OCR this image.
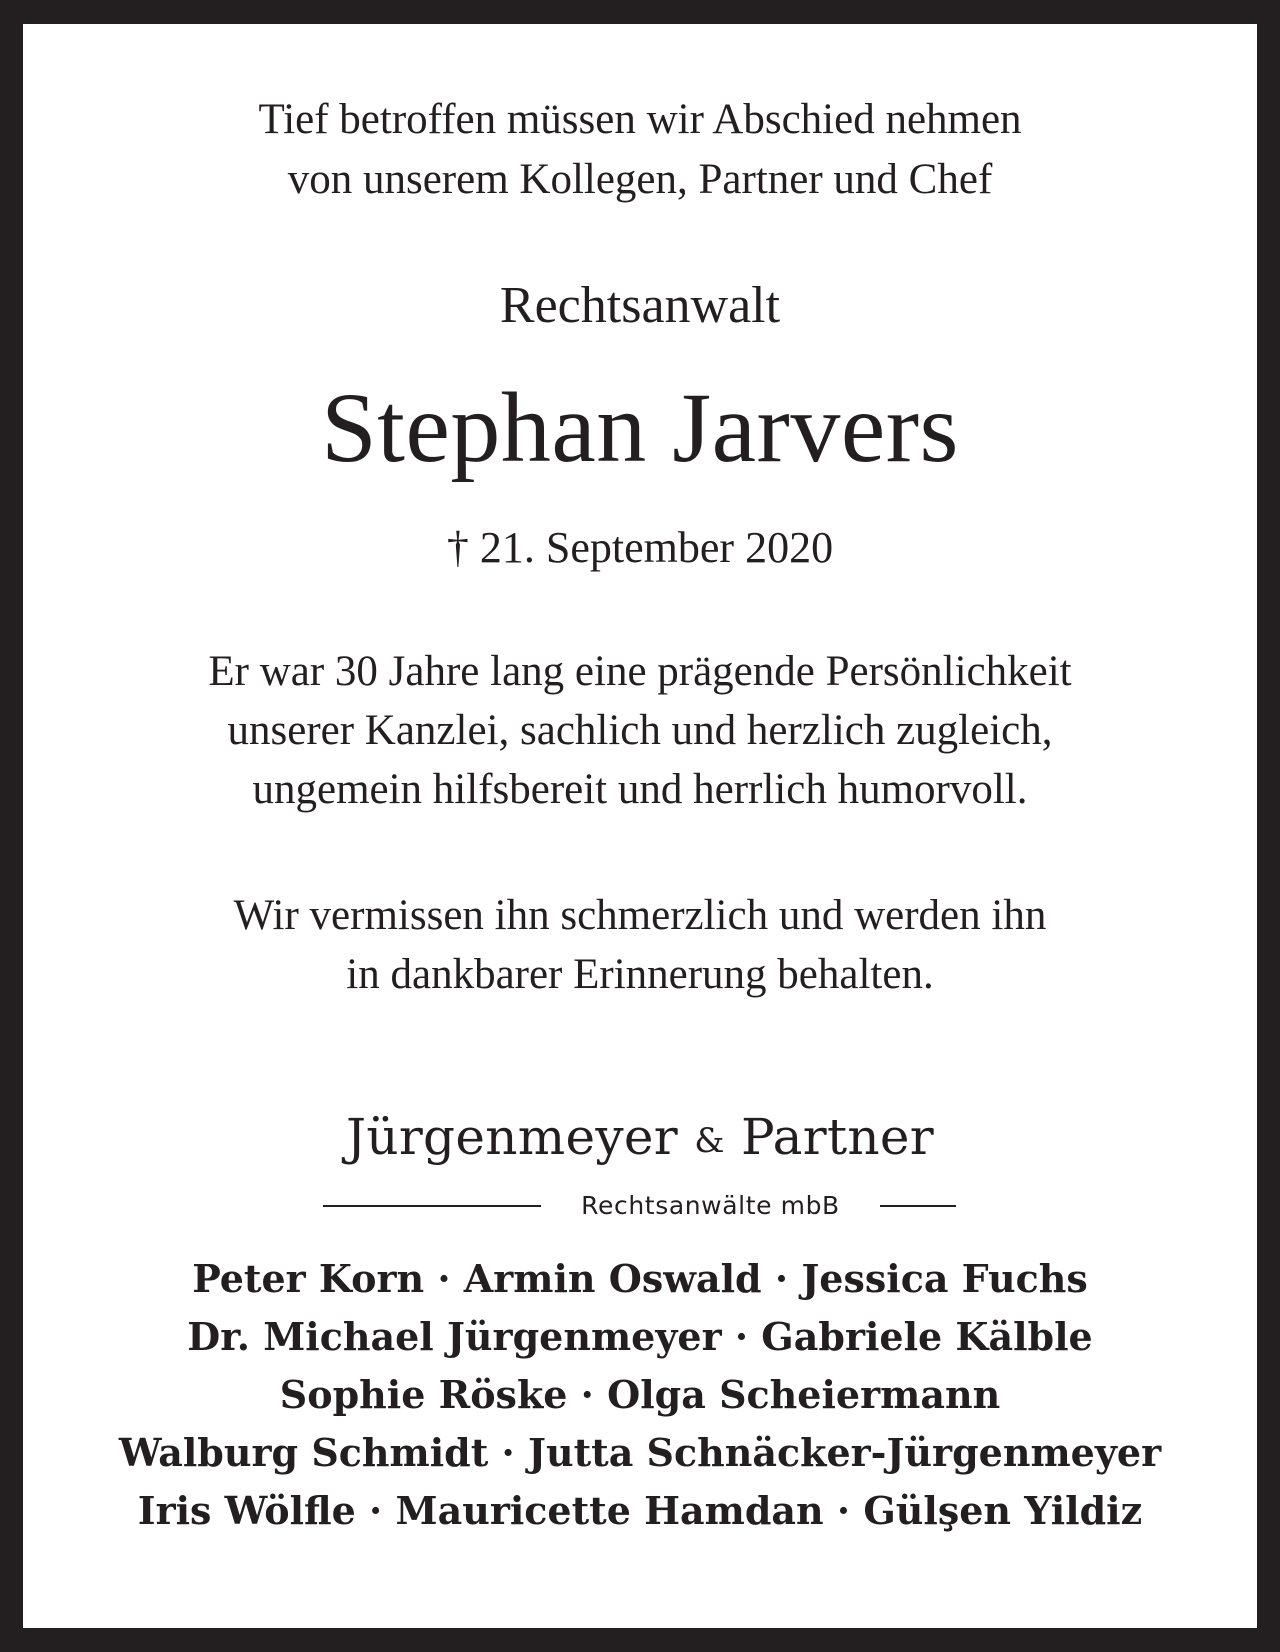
Tief betroffen müssen wir Abschied nehmen
von unserem Kollegen, Partner und Chef
Rechtsanwalt
Stephan Jarvers
† 21. September 2020
Er war 30 Jahre lang eine prägende Persönlichkeit
unserer Kanzlei, sachlich und herzlich zugleich,
ungemein hilfsbereit und herrlich humorvoll.
Wir vermissen ihn schmerzlich und werden ihn
in dankbarer Erinnerung behalten.
Jürgenmeyer & Partner
Rechtsanwälte mbB
Peter Korn · Armin Oswald · Jessica Fuchs
Dr. Michael Jürgenmeyer · Gabriele Kälble
Sophie Röske · Olga Scheiermann
Walburg Schmidt · Jutta Schnäcker-Jürgenmeyer
Iris Wölfle · Mauricette Hamdan · Gülşen Yildiz
